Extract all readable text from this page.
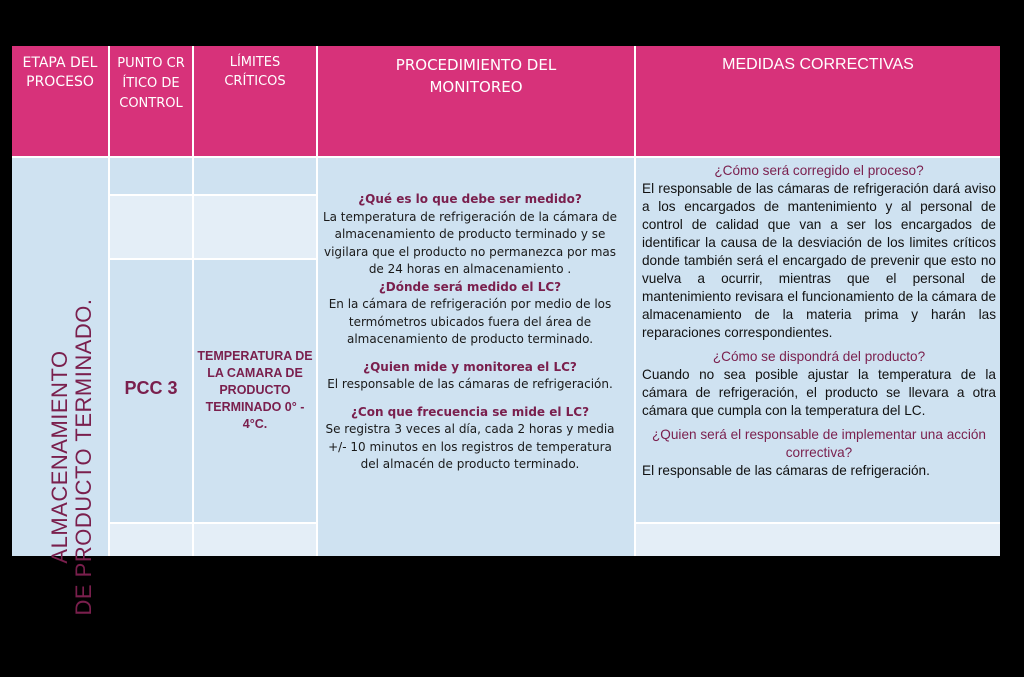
ETAPA DEL PROCESO
PUNTO CRÍTICO DE CONTROL
LÍMITES CRÍTICOS
PROCEDIMIENTO DEL MONITOREO
MEDIDAS CORRECTIVAS
ALMACENAMIENTO DE PRODUCTO TERMINADO.	PCC 3
TEMPERATURA DE LA CAMARA DE PRODUCTO TERMINADO 0° - 4°C.
¿Qué es lo que debe ser medido?
La temperatura de refrigeración de la cámara de almacenamiento de producto terminado y se vigilara que el producto no permanezca por mas de 24 horas en almacenamiento .
¿Dónde será medido el LC?
En la cámara de refrigeración por medio de los termómetros ubicados fuera del área de almacenamiento de producto terminado.
¿Quien mide y monitorea el LC?
El responsable de las cámaras de refrigeración.
¿Con que frecuencia se mide el LC?
Se registra 3 veces al día, cada 2 horas y media +/- 10 minutos en los registros de temperatura del almacén de producto terminado.
¿Cómo será corregido el proceso?
El responsable de las cámaras de refrigeración dará aviso a los encargados de mantenimiento y al personal de control de calidad que van a ser los encargados de identificar la causa de la desviación de los limites críticos donde también será el encargado de prevenir que esto no vuelva a ocurrir, mientras que el personal de mantenimiento revisara el funcionamiento de la cámara de almacenamiento de la materia prima y harán las reparaciones correspondientes.
¿Cómo se dispondrá del producto?
Cuando no sea posible ajustar la temperatura de la cámara de refrigeración, el producto se llevara a otra cámara que cumpla con la temperatura del LC.
¿Quien será el responsable de implementar una acción correctiva?
El responsable de las cámaras de refrigeración.
